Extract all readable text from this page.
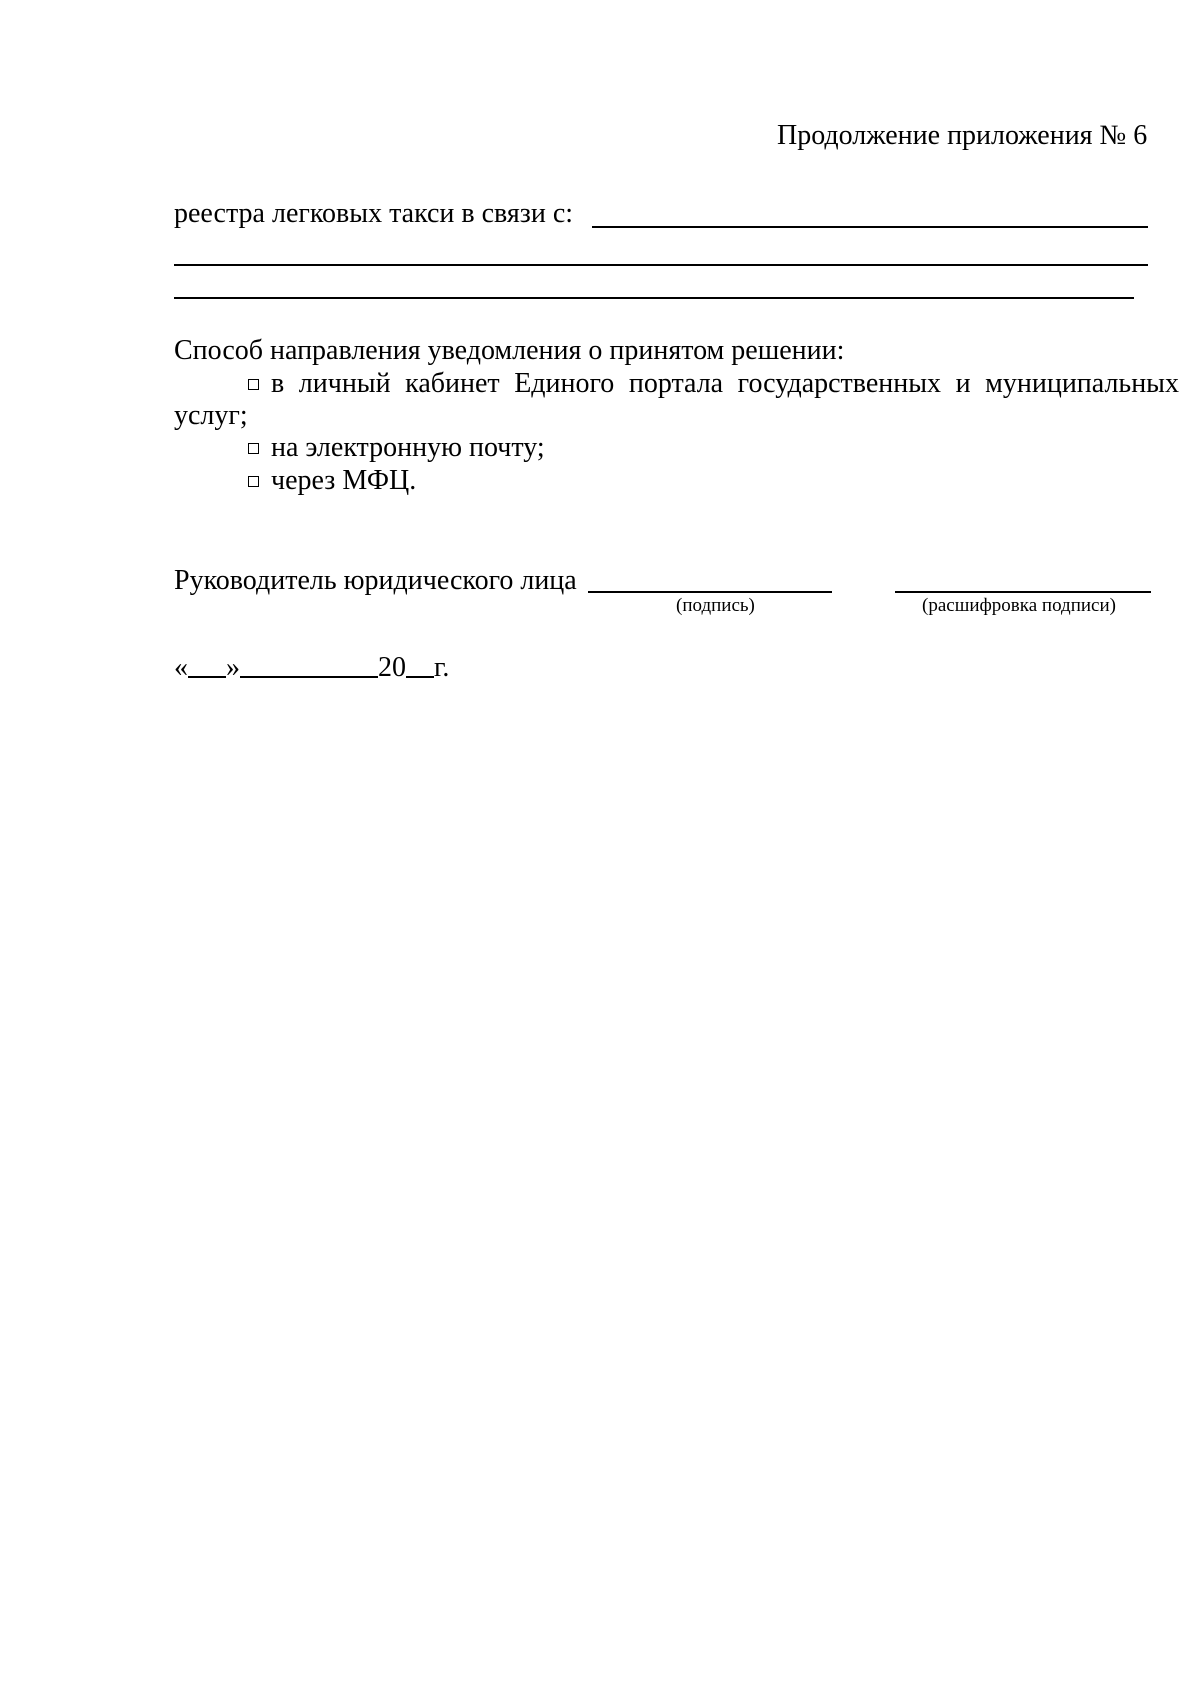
Продолжение приложения № 6
реестра легковых такси в связи с:
Способ направления уведомления о принятом решении:
в личный кабинет Единого портала государственных и муниципальных
услуг;
на электронную почту;
через МФЦ.
Руководитель юридического лица
(подпись)	(расшифровка подписи)
« »	20 г.
